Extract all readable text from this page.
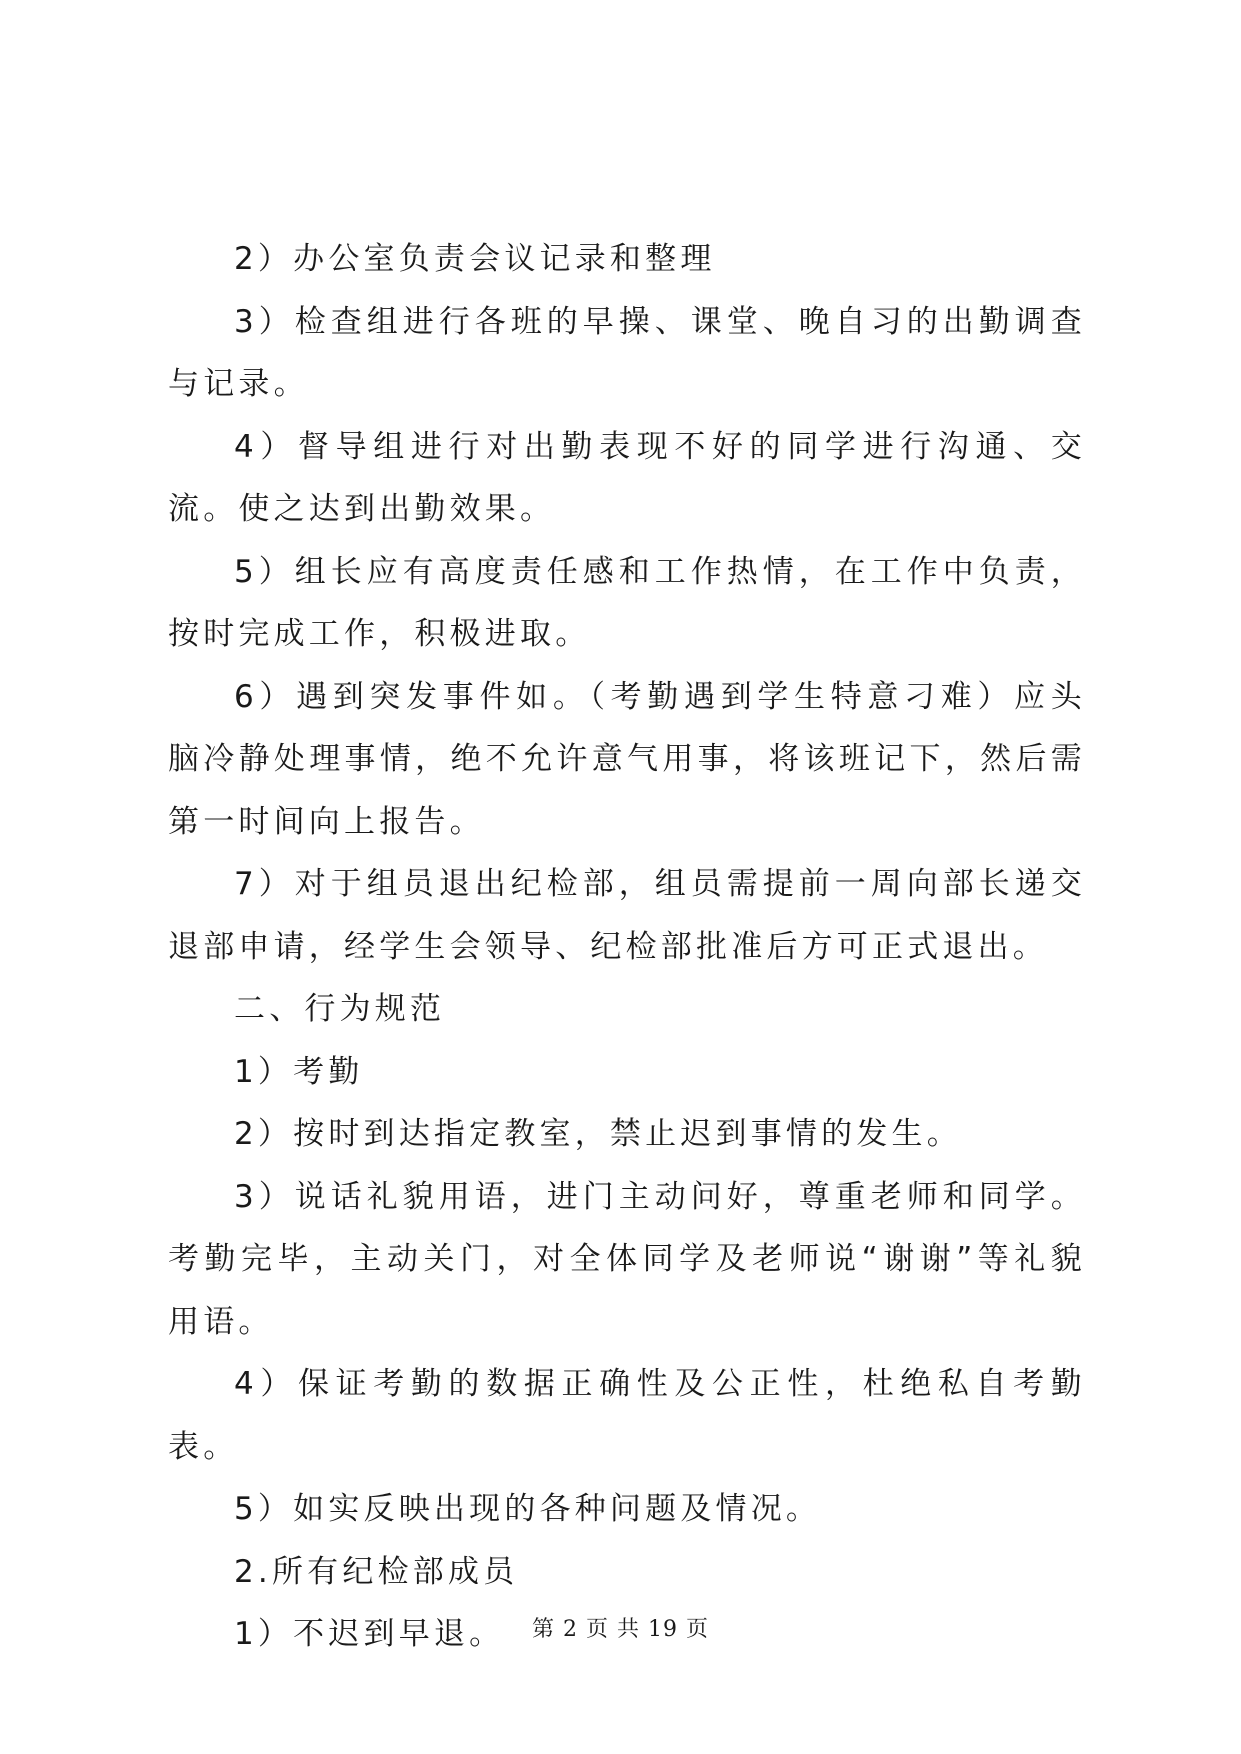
2）办公室负责会议记录和整理

3）检查组进行各班的早操、课堂、晚自习的出勤调查与记录。

4）督导组进行对出勤表现不好的同学进行沟通、交流。使之达到出勤效果。

5）组长应有高度责任感和工作热情，在工作中负责，按时完成工作，积极进取。

6）遇到突发事件如。（考勤遇到学生特意刁难）应头脑冷静处理事情，绝不允许意气用事，将该班记下，然后需第一时间向上报告。

7）对于组员退出纪检部，组员需提前一周向部长递交退部申请，经学生会领导、纪检部批准后方可正式退出。

二、行为规范

1）考勤

2）按时到达指定教室，禁止迟到事情的发生。

3）说话礼貌用语，进门主动问好，尊重老师和同学。考勤完毕，主动关门，对全体同学及老师说“谢谢”等礼貌用语。

4）保证考勤的数据正确性及公正性，杜绝私自考勤表。

5）如实反映出现的各种问题及情况。

2.所有纪检部成员

1）不迟到早退。	第 2 页 共 19 页
